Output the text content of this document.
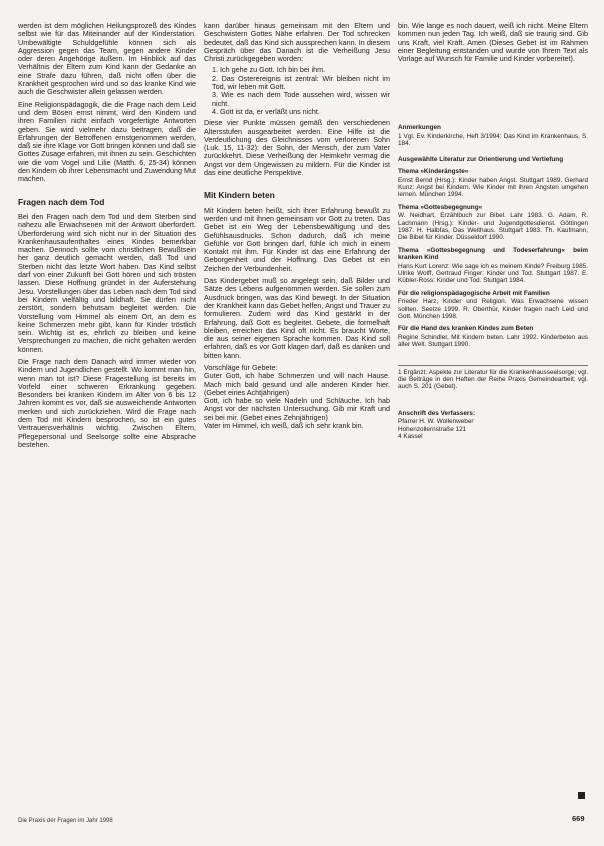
werden ist dem möglichen Heilungsprozeß des Kindes selbst wie für das Miteinander auf der Kinderstation. Umbewältigte Schuldgefühle können sich als Aggression gegen das Team, gegen andere Kinder oder deren Angehörige äußern. Im Hinblick auf das Verhältnis der Eltern zum Kind kann der Gedanke an eine Strafe dazu führen, daß nicht offen über die Krankheit gesprochen wird und so das kranke Kind wie auch die Geschwister allein gelassen werden.

Eine Religionspädagogik, die die Frage nach dem Leid und dem Bösen ernst nimmt, wird den Kindern und ihren Familien nicht einfach vorgefertigte Antworten geben. Sie wird vielmehr dazu beitragen, daß die Erfahrungen der Betroffenen ernstgenommen werden, daß sie ihre Klage vor Gott bringen können und daß sie Gottes Zusage erfahren, mit ihnen zu sein. Geschichten wie die vom Vogel und Lilie (Matth. 6, 25-34) können den Kindern ob ihrer Lebensmacht und Zuwendung Mut machen.

Fragen nach dem Tod

Bei den Fragen nach dem Tod und dem Sterben sind nahezu alle Erwachsenen mit der Antwort überfordert. Überforderung wird sich nicht nur in der Situation des Krankenhausaufenthaltes eines Kindes bemerkbar machen. Dennoch sollte vom christlichen Bewußtsein her ganz deutlich gemacht werden, daß Tod und Sterben nicht das letzte Wort haben. Das Kind selbst darf von einer Zukunft bei Gott hören und sich trösten lassen. Diese Hoffnung gründet in der Auferstehung Jesu. Vorstellungen über das Leben nach dem Tod sind bei Kindern vielfältig und bildhaft. Sie dürfen nicht zerstört, sondern behutsam begleitet werden. Die Vorstellung vom Himmel als einem Ort, an dem es keine Schmerzen mehr gibt, kann für Kinder tröstlich sein. Wichtig ist es, ehrlich zu bleiben und keine Versprechungen zu machen, die nicht gehalten werden können.

Die Frage nach dem Danach wird immer wieder von Kindern und Jugendlichen gestellt. Wo kommt man hin, wenn man tot ist? Diese Fragestellung ist bereits im Vorfeld einer schweren Erkrankung gegeben. Besonders bei kranken Kindern im Alter von 6 bis 12 Jahren kommt es vor, daß sie ausweichende Antworten merken und sich zurückziehen. Wird die Frage nach dem Tod mit Kindern besprochen, so ist ein gutes Vertrauensverhältnis wichtig. Zwischen Eltern, Pflegepersonal und Seelsorge sollte eine Absprache bestehen.

kann darüber hinaus gemeinsam mit den Eltern und Geschwistern Gottes Nähe erfahren. Der Tod schrecken bedeutet, daß das Kind sich aussprechen kann. In diesem Gespräch über das Danach ist die Verheißung Jesu Christi zurückgegeben worden:

1. Ich gehe zu Gott. Ich bin bei ihm.
2. Das Osterereignis ist zentral: Wir bleiben nicht im Tod, wir leben mit Gott.
3. Wie es nach dem Tode aussehen wird, wissen wir nicht.
4. Gott ist da, er verläßt uns nicht.

Diese vier Punkte müssen gemäß den verschiedenen Altersstufen ausgearbeitet werden. Eine Hilfe ist die Verdeutlichung des Gleichnisses vom verlorenen Sohn (Luk. 15, 11-32): der Sohn, der Mensch, der zum Vater zurückkehrt. Diese Verheißung der Heimkehr vermag die Angst vor dem Ungewissen zu mildern. Für die Kinder ist das eine deutliche Perspektive.

Mit Kindern beten

Mit Kindern beten heißt, sich ihrer Erfahrung bewußt zu werden und mit ihnen gemeinsam vor Gott zu treten. Das Gebet ist ein Weg der Lebensbewältigung und des Gefühlsausdrucks. Schon dadurch, daß ich meine Gefühle vor Gott bringen darf, fühle ich mich in einem Kontakt mit ihm. Für Kinder ist das eine Erfahrung der Geborgenheit und der Hoffnung. Das Gebet ist ein Zeichen der Verbundenheit.

Das Kindergebet muß so angelegt sein, daß Bilder und Sätze des Lebens aufgenommen werden. Sie sollen zum Ausdruck bringen, was das Kind bewegt. In der Situation der Krankheit kann das Gebet helfen, Angst und Trauer zu formulieren. Zudem wird das Kind gestärkt in der Erfahrung, daß Gott es begleitet. Gebete, die formelhaft bleiben, erreichen das Kind oft nicht. Es braucht Worte, die aus seiner eigenen Sprache kommen. Das Kind soll erfahren, daß es vor Gott klagen darf, daß es danken und bitten kann.

Vorschläge für Gebete:

Guter Gott, ich habe Schmerzen und will nach Hause. Mach mich bald gesund und alle anderen Kinder hier. (Gebet eines Achtjährigen)

Gott, ich habe so viele Nadeln und Schläuche. Ich hab Angst vor der nächsten Untersuchung. Gib mir Kraft und sei bei mir. (Gebet eines Zehnjährigen)

Vater im Himmel, ich weiß, daß ich sehr krank bin.

bin. Wie lange es noch dauert, weiß ich nicht. Meine Eltern kommen nun jeden Tag. Ich weiß, daß sie traurig sind. Gib uns Kraft, viel Kraft. Amen (Dieses Gebet ist im Rahmen einer Begleitung entstanden und wurde von Ihrem Text als Vorlage auf Wunsch für Familie und Kinder vorbereitet).

Anmerkungen

1 Vgl. Ev. Kinderkirche, Heft 3/1994; Das Kind im Krankenhaus, S. 184.

Ausgewählte Literatur zur Orientierung und Vertiefung
Thema »Kinderängste«

Ernst Bernd (Hrsg.): Kinder haben Angst. Stuttgart 1989. Gerhard Kunz: Angst bei Kindern. Wie Kinder mit ihren Ängsten umgehen lernen. München 1994.

Thema »Gottesbegegnung«

W. Neidhart, Erzählbuch zur Bibel. Lahr 1983. G. Adam, R. Lachmann (Hrsg.): Kinder- und Jugendgottesdienst. Göttingen 1987. H. Halbfas, Das Welthaus. Stuttgart 1983. Th. Kaufmann, Die Bibel für Kinder. Düsseldorf 1990.

Thema »Gottesbegegnung und Todeserfahrung« beim kranken Kind

Hans Kurt Lorenz: Wie sage ich es meinem Kinde? Freiburg 1985. Ulrike Wolff, Gertraud Finger: Kinder und Tod. Stuttgart 1987. E. Kübler-Ross: Kinder und Tod. Stuttgart 1984.

Für die religionspädagogische Arbeit mit Familien

Frieder Harz, Kinder und Religion. Was Erwachsene wissen sollten. Seelze 1999. R. Oberthür, Kinder fragen nach Leid und Gott. München 1998.

Für die Hand des kranken Kindes zum Beten

Regine Schindler, Mit Kindern beten. Lahr 1992. Kinderbeten aus aller Welt. Stuttgart 1990.

1 Ergänzt: Aspekte zur Literatur für die Krankenhausseelsorge; vgl. die Beiträge in den Heften der Reihe Praxis Gemeindearbeit; vgl. auch S. 201 (Gebet).

Anschrift des Verfassers:
Pfarrer H. W. Wollenweber
Hohenzollernstraße 121
4 Kassel
Die Praxis der Fragen im Jahr 1998	669
